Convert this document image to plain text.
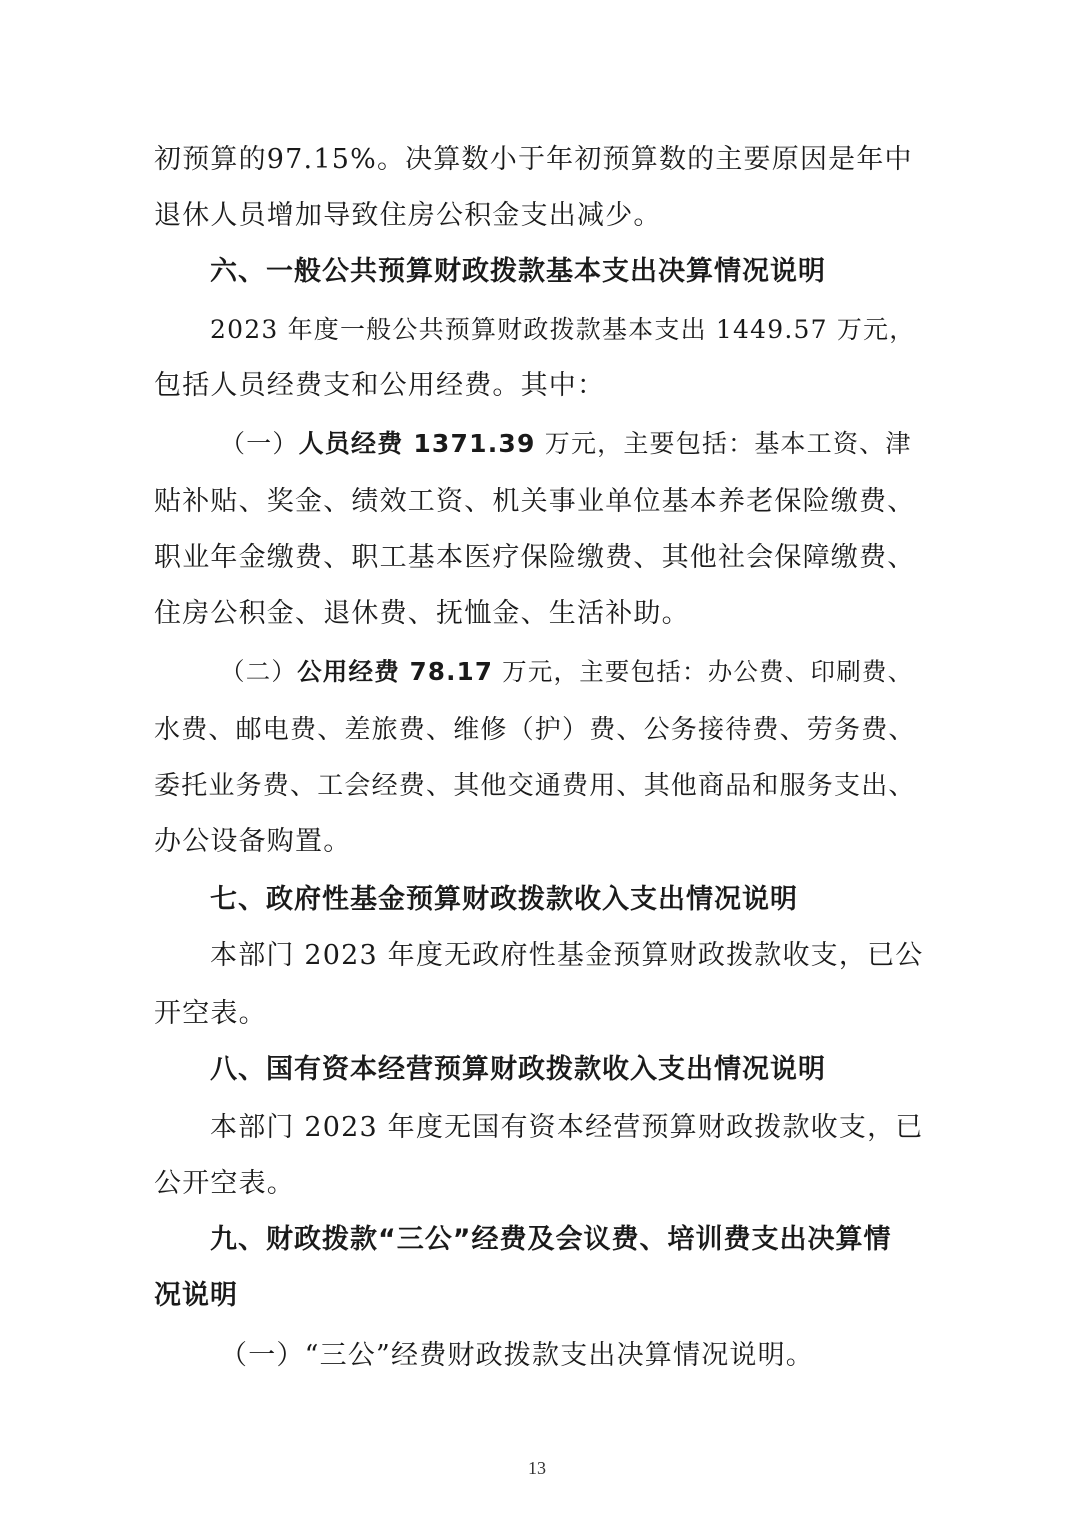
初预算的97.15%。决算数小于年初预算数的主要原因是年中
退休人员增加导致住房公积金支出减少。
六、一般公共预算财政拨款基本支出决算情况说明
2023 年度一般公共预算财政拨款基本支出 1449.57 万元，
包括人员经费支和公用经费。其中：
（一）人员经费 1371.39 万元，主要包括：基本工资、津
贴补贴、奖金、绩效工资、机关事业单位基本养老保险缴费、
职业年金缴费、职工基本医疗保险缴费、其他社会保障缴费、
住房公积金、退休费、抚恤金、生活补助。
（二）公用经费 78.17 万元，主要包括：办公费、印刷费、
水费、邮电费、差旅费、维修（护）费、公务接待费、劳务费、
委托业务费、工会经费、其他交通费用、其他商品和服务支出、
办公设备购置。
七、政府性基金预算财政拨款收入支出情况说明
本部门 2023 年度无政府性基金预算财政拨款收支，已公
开空表。
八、国有资本经营预算财政拨款收入支出情况说明
本部门 2023 年度无国有资本经营预算财政拨款收支，已
公开空表。
九、财政拨款“三公”经费及会议费、培训费支出决算情
况说明
（一）“三公”经费财政拨款支出决算情况说明。
13
